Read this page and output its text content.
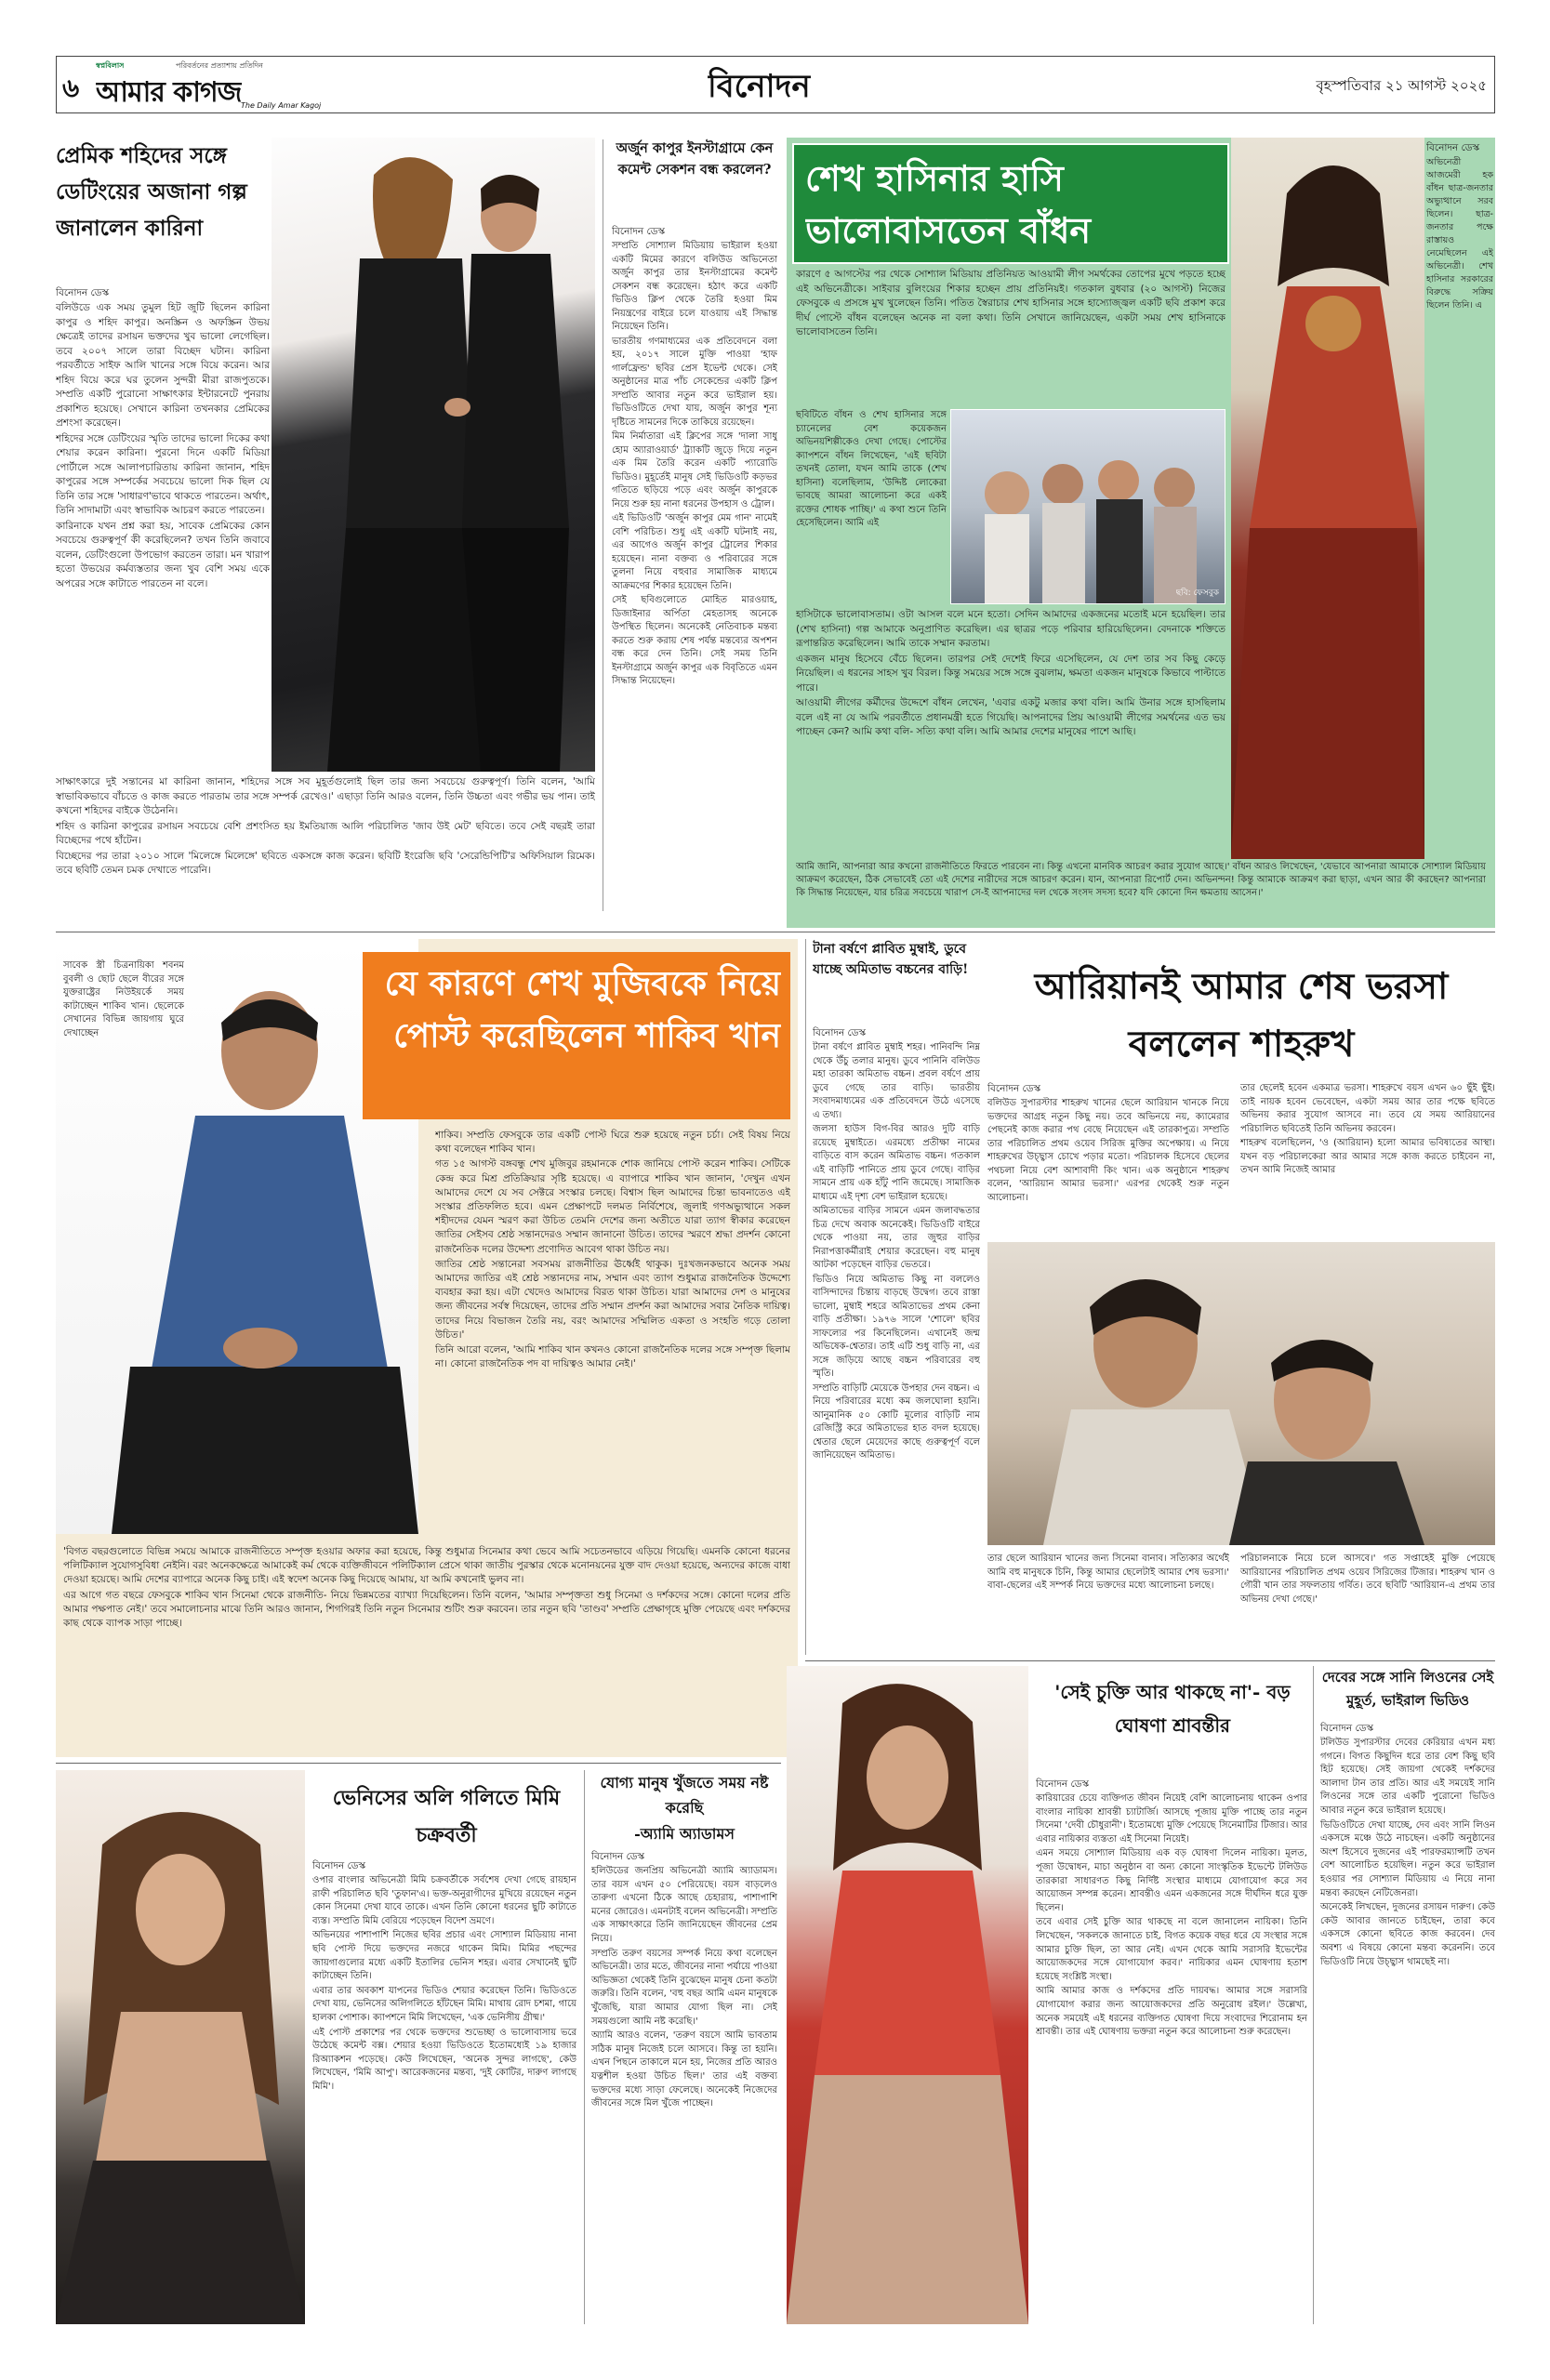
৬
স্বপ্নবিলাস	পরিবর্তনের প্রত্যাশায় প্রতিদিন
আমার কাগজ The Daily Amar Kagoj
বিনোদন	বৃহস্পতিবার ২১ আগস্ট ২০২৫
প্রেমিক শহিদের সঙ্গে ডেটিংয়ের অজানা গল্প জানালেন কারিনা
বিনোদন ডেস্ক

বলিউডে এক সময় তুমুল হিট জুটি ছিলেন কারিনা কাপুর ও শহিদ কাপুর। অনস্ক্রিন ও অফস্ক্রিন উভয় ক্ষেত্রেই তাদের রসায়ন ভক্তদের খুব ভালো লেগেছিল। তবে ২০০৭ সালে তারা বিচ্ছেদ ঘটান। কারিনা পরবর্তীতে সাইফ আলি খানের সঙ্গে বিয়ে করেন। আর শহিদ বিয়ে করে ঘর তুলেন সুন্দরী মীরা রাজপুতকে। সম্প্রতি একটি পুরোনো সাক্ষাৎকার ইন্টারনেটে পুনরায় প্রকাশিত হয়েছে। সেখানে কারিনা তখনকার প্রেমিকের প্রশংসা করেছেন।

শহিদের সঙ্গে ডেটিংয়ের স্মৃতি তাদের ভালো দিকের কথা শেয়ার করেন কারিনা। পুরনো দিনে একটি মিডিয়া পোর্টালে সঙ্গে আলাপচারিতায় কারিনা জানান, শহিদ কাপুরের সঙ্গে সম্পর্কের সবচেয়ে ভালো দিক ছিল যে তিনি তার সঙ্গে 'সাধারণ'ভাবে থাকতে পারতেন। অর্থাৎ, তিনি সাদামাটা এবং স্বাভাবিক আচরণ করতে পারতেন।

কারিনাকে যখন প্রশ্ন করা হয়, সাবেক প্রেমিকের কোন সবচেয়ে গুরুত্বপূর্ণ কী করেছিলেন? তখন তিনি জবাবে বলেন, ডেটিংগুলো উপভোগ করতেন তারা। মন খারাপ হতো উভয়ের কর্মব্যস্ততার জন্য খুব বেশি সময় একে অপরের সঙ্গে কাটাতে পারতেন না বলে।

সাক্ষাৎকারে দুই সন্তানের মা কারিনা জানান, শহিদের সঙ্গে সব মুহূর্তগুলোই ছিল তার জন্য সবচেয়ে গুরুত্বপূর্ণ। তিনি বলেন, 'আমি স্বাভাবিকভাবে বাঁচতে ও কাজ করতে পারতাম তার সঙ্গে সম্পর্ক রেখেও।' এছাড়া তিনি আরও বলেন, তিনি উচ্চতা এবং গভীর ভয় পান। তাই কখনো শহিদের বাইকে উঠেননি।

শহিদ ও কারিনা কাপুরের রসায়ন সবচেয়ে বেশি প্রশংসিত হয় ইমতিয়াজ আলি পরিচালিত 'জাব উই মেট' ছবিতে। তবে সেই বছরই তারা বিচ্ছেদের পথে হাঁটেন।

বিচ্ছেদের পর তারা ২০১০ সালে 'মিলেঙ্গে মিলেঙ্গে' ছবিতে একসঙ্গে কাজ করেন। ছবিটি ইংরেজি ছবি 'সেরেন্ডিপিটি'র অফিসিয়াল রিমেক। তবে ছবিটি তেমন চমক দেখাতে পারেনি।

অর্জুন কাপুর ইনস্টাগ্রামে কেন কমেন্ট সেকশন বন্ধ করলেন?
বিনোদন ডেস্ক

সম্প্রতি সোশ্যাল মিডিয়ায় ভাইরাল হওয়া একটি মিমের কারণে বলিউড অভিনেতা অর্জুন কাপুর তার ইনস্টাগ্রামের কমেন্ট সেকশন বন্ধ করেছেন। হঠাৎ করে একটি ভিডিও ক্লিপ থেকে তৈরি হওয়া মিম নিয়ন্ত্রণের বাইরে চলে যাওয়ায় এই সিদ্ধান্ত নিয়েছেন তিনি।

ভারতীয় গণমাধ্যমের এক প্রতিবেদনে বলা হয়, ২০১৭ সালে মুক্তি পাওয়া 'হাফ গার্লফ্রেন্ড' ছবির প্রেস ইভেন্ট থেকে। সেই অনুষ্ঠানের মাত্র পাঁচ সেকেন্ডের একটি ক্লিপ সম্প্রতি আবার নতুন করে ভাইরাল হয়। ভিডিওটিতে দেখা যায়, অর্জুন কাপুর শূন্য দৃষ্টিতে সামনের দিকে তাকিয়ে রয়েছেন।

মিম নির্মাতারা এই ক্লিপের সঙ্গে 'দালা সাধু হোম অ্যারাওয়ার্ড' ট্র্যাকটি জুড়ে দিয়ে নতুন এক মিম তৈরি করেন একটি প্যারোডি ভিডিও। মুহূর্তেই মানুষ সেই ভিডিওটি কড়ভর গতিতে ছড়িয়ে পড়ে এবং অর্জুন কাপুরকে নিয়ে শুরু হয় নানা ধরনের উপহাস ও ট্রোল।

এই ভিডিওটি 'অর্জুন কাপুর মেম গান' নামেই বেশি পরিচিত। শুধু এই একটি ঘটনাই নয়, এর আগেও অর্জুন কাপুর ট্রোলের শিকার হয়েছেন। নানা বক্তব্য ও পরিবারের সঙ্গে তুলনা নিয়ে বহুবার সামাজিক মাধ্যমে আক্রমণের শিকার হয়েছেন তিনি।

সেই ছবিগুলোতে মোহিত মারওয়াহ, ডিজাইনার অর্পিতা মেহতাসহ অনেকে উপস্থিত ছিলেন। অনেকেই নেতিবাচক মন্তব্য করতে শুরু করায় শেষ পর্যন্ত মন্তব্যের অপশন বন্ধ করে দেন তিনি। সেই সময় তিনি ইনস্টাগ্রামে অর্জুন কাপুর এক বিবৃতিতে এমন সিদ্ধান্ত নিয়েছেন।

শেখ হাসিনার হাসি ভালোবাসতেন বাঁধন
বিনোদন ডেস্ক
অভিনেত্রী আজমেরী হক বাঁধন ছাত্র-জনতার অভ্যুত্থানে সরব ছিলেন। ছাত্র-জনতার পক্ষে রাস্তায়ও নেমেছিলেন এই অভিনেত্রী। শেখ হাসিনার সরকারের বিরুদ্ধে সক্রিয় ছিলেন তিনি। এ
কারণে ৫ আগস্টের পর থেকে সোশ্যাল মিডিয়ায় প্রতিনিয়ত আওয়ামী লীগ সমর্থকের তোপের মুখে পড়তে হচ্ছে এই অভিনেত্রীকে। সাইবার বুলিংয়ের শিকার হচ্ছেন প্রায় প্রতিনিয়ই। গতকাল বুধবার (২০ আগস্ট) নিজের ফেসবুকে এ প্রসঙ্গে মুখ খুলেছেন তিনি। পতিত স্বৈরাচার শেখ হাসিনার সঙ্গে হাস্যোজ্জ্বল একটি ছবি প্রকাশ করে দীর্ঘ পোস্টে বাঁধন বলেছেন অনেক না বলা কথা। তিনি সেখানে জানিয়েছেন, একটা সময় শেখ হাসিনাকে ভালোবাসতেন তিনি।

ছবিটিতে বাঁধন ও শেখ হাসিনার সঙ্গে চ্যানেলের বেশ কয়েকজন অভিনয়শিল্পীকেও দেখা গেছে। পোস্টের ক্যাপশনে বাঁধন লিখেছেন, 'এই ছবিটা তখনই তোলা, যখন আমি তাকে (শেখ হাসিনা) বলেছিলাম, 'উদ্দিষ্ট লোকেরা ভাবছে আমরা আলোচনা করে একই রক্তের শোধক পাচ্ছি।' এ কথা শুনে তিনি হেসেছিলেন। আমি এই

ছবি: ফেসবুক

হাসিটাকে ভালোবাসতাম। ওটা আসল বলে মনে হতো। সেদিন আমাদের একজনের মতোই মনে হয়েছিল। তার (শেখ হাসিনা) গল্প আমাকে অনুপ্রাণিত করেছিল। এর ছাত্রর পড়ে পরিবার হারিয়েছিলেন। বেদনাকে শক্তিতে রূপান্তরিত করেছিলেন। আমি তাকে সম্মান করতাম।

একজন মানুষ হিসেবে বেঁচে ছিলেন। তারপর সেই দেশেই ফিরে এসেছিলেন, যে দেশ তার সব কিছু কেড়ে নিয়েছিল। এ ধরনের সাহস খুব বিরল। কিন্তু সময়ের সঙ্গে সঙ্গে বুঝলাম, ক্ষমতা একজন মানুষকে কিভাবে পাল্টাতে পারে।

আওয়ামী লীগের কর্মীদের উদ্দেশে বাঁধন লেখেন, 'এবার একটু মজার কথা বলি। আমি উনার সঙ্গে হাসছিলাম বলে এই না যে আমি পরবর্তীতে প্রধানমন্ত্রী হতে গিয়েছি। আপনাদের প্রিয় আওয়ামী লীগের সমর্থনের এত ভয় পাচ্ছেন কেন? আমি কথা বলি- সত্যি কথা বলি। আমি আমার দেশের মানুষের পাশে আছি।

আমি জানি, আপনারা আর কখনো রাজনীতিতে ফিরতে পারবেন না। কিন্তু এখনো মানবিক আচরণ করার সুযোগ আছে।' বাঁধন আরও লিখেছেন, 'যেভাবে আপনারা আমাকে সোশ্যাল মিডিয়ায় আক্রমণ করেছেন, ঠিক সেভাবেই তো এই দেশের নারীদের সঙ্গে আচরণ করেন। যান, আপনারা রিপোর্ট দেন। অভিনন্দন! কিন্তু আমাকে আক্রমণ করা ছাড়া, এখন আর কী করছেন? আপনারা কি সিদ্ধান্ত নিয়েছেন, যার চরিত্র সবচেয়ে খারাপ সে-ই আপনাদের দল থেকে সংসদ সদস্য হবে? যদি কোনো দিন ক্ষমতায় আসেন।'
সাবেক স্ত্রী চিত্রনায়িকা শবনম বুবলী ও ছোট ছেলে বীরের সঙ্গে যুক্তরাষ্ট্রের নিউইয়র্কে সময় কাটাচ্ছেন শাকিব খান। ছেলেকে সেখানের বিভিন্ন জায়গায় ঘুরে দেখাচ্ছেন
যে কারণে শেখ মুজিবকে নিয়ে পোস্ট করেছিলেন শাকিব খান

শাকিব। সম্প্রতি ফেসবুকে তার একটি পোস্ট ঘিরে শুরু হয়েছে নতুন চর্চা। সেই বিষয় নিয়ে কথা বলেছেন শাকিব খান।

গত ১৫ আগস্ট বঙ্গবন্ধু শেখ মুজিবুর রহমানকে শোক জানিয়ে পোস্ট করেন শাকিব। সেটিকে কেন্দ্র করে মিশ্র প্রতিক্রিয়ার সৃষ্টি হয়েছে। এ ব্যাপারে শাকিব খান জানান, 'দেখুন এখন আমাদের দেশে যে সব সেক্টরে সংস্কার চলছে। বিশ্বাস ছিল আমাদের চিন্তা ভাবনাতেও এই সংস্কার প্রতিফলিত হবে। এমন প্রেক্ষাপটে দলমত নির্বিশেষে, জুলাই গণঅভ্যুত্থানে সকল শহীদদের যেমন স্মরণ করা উচিত তেমনি দেশের জন্য অতীতে যারা ত্যাগ স্বীকার করেছেন জাতির সেইসব শ্রেষ্ঠ সন্তানদেরও সম্মান জানানো উচিত। তাদের স্মরণে শ্রদ্ধা প্রদর্শন কোনো রাজনৈতিক দলের উদ্দেশ্য প্রণোদিত আবেগ থাকা উচিত নয়।

জাতির শ্রেষ্ঠ সন্তানেরা সবসময় রাজনীতির ঊর্ধ্বেই থাকুক। দুঃখজনকভাবে অনেক সময় আমাদের জাতির এই শ্রেষ্ঠ সন্তানদের নাম, সম্মান এবং ত্যাগ শুধুমাত্র রাজনৈতিক উদ্দেশ্যে ব্যবহার করা হয়। এটা খেদেও আমাদের বিরত থাকা উচিত। যারা আমাদের দেশ ও মানুষের জন্য জীবনের সর্বস্ব দিয়েছেন, তাদের প্রতি সম্মান প্রদর্শন করা আমাদের সবার নৈতিক দায়িত্ব। তাদের নিয়ে বিভাজন তৈরি নয়, বরং আমাদের সম্মিলিত একতা ও সংহতি গড়ে তোলা উচিত।'

তিনি আরো বলেন, 'আমি শাকিব খান কখনও কোনো রাজনৈতিক দলের সঙ্গে সম্পৃক্ত ছিলাম না। কোনো রাজনৈতিক পদ বা দায়িত্বও আমার নেই।'

'বিগত বছরগুলোতে বিভিন্ন সময়ে আমাকে রাজনীতিতে সম্পৃক্ত হওয়ার অফার করা হয়েছে, কিন্তু শুধুমাত্র সিনেমার কথা ভেবে আমি সচেতনভাবে এড়িয়ে গিয়েছি। এমনকি কোনো ধরনের পলিটিক্যাল সুযোগসুবিধা নেইনি। বরং অনেকক্ষেত্রে আমাকেই কর্ম থেকে ব্যক্তিজীবনে পলিটিক্যাল প্রেসে থাকা জাতীয় পুরস্কার থেকে মনোনয়নের যুক্ত বাদ দেওয়া হয়েছে, অন্যদের কাজে বাধা দেওয়া হয়েছে। আমি দেশের ব্যাপারে অনেক কিছু চাই। এই স্বদেশ অনেক কিছু দিয়েছে আমায়, যা আমি কখনোই ভুলব না।

এর আগে গত বছরে ফেসবুকে শাকিব খান সিনেমা থেকে রাজনীতি- নিয়ে ভিন্নমতের ব্যাখ্যা দিয়েছিলেন। তিনি বলেন, 'আমার সম্পৃক্ততা শুধু সিনেমা ও দর্শকদের সঙ্গে। কোনো দলের প্রতি আমার পক্ষপাত নেই।' তবে সমালোচনার মাঝে তিনি আরও জানান, শিগগিরই তিনি নতুন সিনেমার শুটিং শুরু করবেন। তার নতুন ছবি 'তাণ্ডব' সম্প্রতি প্রেক্ষাগৃহে মুক্তি পেয়েছে এবং দর্শকদের কাছ থেকে ব্যাপক সাড়া পাচ্ছে।

টানা বর্ষণে প্লাবিত মুম্বাই, ডুবে যাচ্ছে অমিতাভ বচ্চনের বাড়ি!
বিনোদন ডেস্ক

টানা বর্ষণে প্লাবিত মুম্বাই শহর। পানিবন্দি নিম্ন থেকে উঁচু তলার মানুষ। ডুবে পানিনি বলিউড মহা তারকা অমিতাভ বচ্চন। প্রবল বর্ষণে প্রায় ডুবে গেছে তার বাড়ি। ভারতীয় সংবাদমাধ্যমের এক প্রতিবেদনে উঠে এসেছে এ তথ্য।

জলসা হাউস বিগ-বির আরও দুটি বাড়ি রয়েছে মুম্বাইতে। এরমধ্যে প্রতীক্ষা নামের বাড়িতে বাস করেন অমিতাভ বচ্চন। গতকাল এই বাড়িটি পানিতে প্রায় ডুবে গেছে। বাড়ির সামনে প্রায় এক হাঁটু পানি জমেছে। সামাজিক মাধ্যমে এই দৃশ্য বেশ ভাইরাল হয়েছে।

অমিতাভের বাড়ির সামনে এমন জলাবদ্ধতার চিত্র দেখে অবাক অনেকেই। ভিডিওটি বাইরে থেকে পাওয়া নয়, তার জুহুর বাড়ির নিরাপত্তাকর্মীরাই শেয়ার করেছেন। বহু মানুষ আটকা পড়েছেন বাড়ির ভেতরে।

ভিডিও নিয়ে অমিতাভ কিছু না বললেও বাসিন্দাদের চিন্তায় বাড়ছে উদ্বেগ। তবে রাস্তা ভালো, মুম্বাই শহরে অমিতাভের প্রথম কেনা বাড়ি প্রতীক্ষা। ১৯৭৬ সালে 'শোলে' ছবির সাফল্যের পর কিনেছিলেন। এখানেই জন্ম অভিষেক-শ্বেতার। তাই এটি শুধু বাড়ি না, এর সঙ্গে জড়িয়ে আছে বচ্চন পরিবারের বহু স্মৃতি।

সম্প্রতি বাড়িটি মেয়েকে উপহার দেন বচ্চন। এ নিয়ে পরিবারের মধ্যে কম জলঘোলা হয়নি। আনুমানিক ৫০ কোটি মূল্যের বাড়িটি নাম রেজিস্ট্রি করে অমিতাভের হাত বদল হয়েছে। শ্বেতার ছেলে মেয়েদের কাছে গুরুত্বপূর্ণ বলে জানিয়েছেন অমিতাভ।

আরিয়ানই আমার শেষ ভরসা বললেন শাহরুখ
বিনোদন ডেস্ক
বলিউড সুপারস্টার শাহরুখ খানের ছেলে আরিয়ান খানকে নিয়ে ভক্তদের আগ্রহ নতুন কিছু নয়। তবে অভিনয়ে নয়, ক্যামেরার পেছনেই কাজ করার পথ বেছে নিয়েছেন এই তারকাপুত্র। সম্প্রতি তার পরিচালিত প্রথম ওয়েব সিরিজ মুক্তির অপেক্ষায়। এ নিয়ে শাহরুখের উচ্ছ্বাস চোখে পড়ার মতো। পরিচালক হিসেবে ছেলের পথচলা নিয়ে বেশ আশাবাদী কিং খান। এক অনুষ্ঠানে শাহরুখ বলেন, 'আরিয়ান আমার ভরসা।' এরপর থেকেই শুরু নতুন আলোচনা।

তার ছেলেই হবেন একমাত্র ভরসা। শাহরুখে বয়স এখন ৬০ ছুঁই ছুঁই। তাই নায়ক হবেন ভেবেছেন, একটা সময় আর তার পক্ষে ছবিতে অভিনয় করার সুযোগ আসবে না। তবে যে সময় আরিয়ানের পরিচালিত ছবিতেই তিনি অভিনয় করবেন।

শাহরুখ বলেছিলেন, 'ও (আরিয়ান) হলো আমার ভবিষ্যতের আস্থা। যখন বড় পরিচালকেরা আর আমার সঙ্গে কাজ করতে চাইবেন না, তখন আমি নিজেই আমার

তার ছেলে আরিয়ান খানের জন্য সিনেমা বানাব। সত্যিকার অর্থেই আমি বহু মানুষকে চিনি, কিন্তু আমার ছেলেটাই আমার শেষ ভরসা।' বাবা-ছেলের এই সম্পর্ক নিয়ে ভক্তদের মধ্যে আলোচনা চলছে।
পরিচালনাকে নিয়ে চলে আসবে।' গত সপ্তাহেই মুক্তি পেয়েছে আরিয়ানের পরিচালিত প্রথম ওয়েব সিরিজের টিজার। শাহরুখ খান ও গৌরী খান তার সফলতায় গর্বিত। তবে ছবিটি 'আরিয়ান-এ প্রথম তার অভিনয় দেখা গেছে।'
'সেই চুক্তি আর থাকছে না'- বড় ঘোষণা শ্রাবন্তীর
বিনোদন ডেস্ক

কারিয়ারের চেয়ে ব্যক্তিগত জীবন নিয়েই বেশি আলোচনায় থাকেন ওপার বাংলার নায়িকা শ্রাবন্তী চ্যাটার্জি। আসছে পূজায় মুক্তি পাচ্ছে তার নতুন সিনেমা 'দেবী চৌধুরানী'। ইতোমধ্যে মুক্তি পেয়েছে সিনেমাটির টিজার। আর এবার নায়িকার ব্যস্ততা এই সিনেমা নিয়েই।

এমন সময়ে সোশ্যাল মিডিয়ায় এক বড় ঘোষণা দিলেন নায়িকা। মূলত, পূজা উদ্বোধন, মাচা অনুষ্ঠান বা অন্য কোনো সাংস্কৃতিক ইভেন্টে টলিউড তারকারা সাধারণত কিছু নির্দিষ্ট সংস্থার মাধ্যমে যোগাযোগ করে সব আয়োজন সম্পন্ন করেন। শ্রাবন্তীও এমন একজনের সঙ্গে দীর্ঘদিন ধরে যুক্ত ছিলেন।

তবে এবার সেই চুক্তি আর থাকছে না বলে জানালেন নায়িকা। তিনি লিখেছেন, 'সকলকে জানাতে চাই, বিগত কয়েক বছর ধরে যে সংস্থার সঙ্গে আমার চুক্তি ছিল, তা আর নেই। এখন থেকে আমি সরাসরি ইভেন্টের আয়োজকদের সঙ্গে যোগাযোগ করব।' নায়িকার এমন ঘোষণায় হতাশ হয়েছে সংশ্লিষ্ট সংস্থা।

আমি আমার কাজ ও দর্শকদের প্রতি দায়বদ্ধ। আমার সঙ্গে সরাসরি যোগাযোগ করার জন্য আয়োজকদের প্রতি অনুরোধ রইল।' উল্লেখ্য, অনেক সময়েই এই ধরনের ব্যক্তিগত ঘোষণা দিয়ে সংবাদের শিরোনাম হন শ্রাবন্তী। তার এই ঘোষণায় ভক্তরা নতুন করে আলোচনা শুরু করেছেন।

দেবের সঙ্গে সানি লিওনের সেই মুহূর্ত, ভাইরাল ভিডিও
বিনোদন ডেস্ক

টলিউড সুপারস্টার দেবের কেরিয়ার এখন মধ্য গগনে। বিগত কিছুদিন ধরে তার বেশ কিছু ছবি হিট হয়েছে। সেই জায়গা থেকেই দর্শকদের আলাদা টান তার প্রতি। আর এই সময়েই সানি লিওনের সঙ্গে তার একটি পুরোনো ভিডিও আবার নতুন করে ভাইরাল হয়েছে।

ভিডিওটিতে দেখা যাচ্ছে, দেব এবং সানি লিওন একসঙ্গে মঞ্চে উঠে নাচছেন। একটি অনুষ্ঠানের অংশ হিসেবে দুজনের এই পারফরম্যান্সটি তখন বেশ আলোচিত হয়েছিল। নতুন করে ভাইরাল হওয়ার পর সোশ্যাল মিডিয়ায় এ নিয়ে নানা মন্তব্য করছেন নেটিজেনরা।

অনেকেই লিখছেন, দুজনের রসায়ন দারুণ। কেউ কেউ আবার জানতে চাইছেন, তারা কবে একসঙ্গে কোনো ছবিতে কাজ করবেন। দেব অবশ্য এ বিষয়ে কোনো মন্তব্য করেননি। তবে ভিডিওটি নিয়ে উচ্ছ্বাস থামছেই না।

ভেনিসের অলি গলিতে মিমি চক্রবর্তী
বিনোদন ডেস্ক

ওপার বাংলার অভিনেত্রী মিমি চক্রবর্তীকে সর্বশেষ দেখা গেছে রায়হান রাফী পরিচালিত ছবি 'তুফান'এ। ভক্ত-অনুরাগীদের মুখিয়ে রয়েছেন নতুন কোন সিনেমা দেখা যাবে তাকে। এখন তিনি কোনো ধরনের ছুটি কাটাতে ব্যস্ত। সম্প্রতি মিমি বেরিয়ে পড়েছেন বিদেশ ভ্রমণে।

অভিনয়ের পাশাপাশি নিজের ছবির প্রচার এবং সোশ্যাল মিডিয়ায় নানা ছবি পোস্ট দিয়ে ভক্তদের নজরে থাকেন মিমি। মিমির পছন্দের জায়গাগুলোর মধ্যে একটি ইতালির ভেনিস শহর। এবার সেখানেই ছুটি কাটাচ্ছেন তিনি।

এবার তার অবকাশ যাপনের ভিডিও শেয়ার করেছেন তিনি। ভিডিওতে দেখা যায়, ভেনিসের অলিগলিতে হাঁটছেন মিমি। মাথায় রোদ চশমা, গায়ে হালকা পোশাক। ক্যাপশনে মিমি লিখেছেন, 'এক ভেনিসীয় গ্রীষ্ম।'

এই পোস্ট প্রকাশের পর থেকে ভক্তদের শুভেচ্ছা ও ভালোবাসায় ভরে উঠেছে কমেন্ট বক্স। শেয়ার হওয়া ভিডিওতে ইতোমধ্যেই ১৯ হাজার রিঅ্যাকশন পড়েছে। কেউ লিখেছেন, 'অনেক সুন্দর লাগছে', কেউ লিখেছেন, 'মিমি আপু'। আরেকজনের মন্তব্য, 'দুই কোটির, দারুণ লাগছে মিমি'।

যোগ্য মানুষ খুঁজতে সময় নষ্ট করেছি
-অ্যামি অ্যাডামস
বিনোদন ডেস্ক

হলিউডের জনপ্রিয় অভিনেত্রী অ্যামি অ্যাডামস। তার বয়স এখন ৫০ পেরিয়েছে। বয়স বাড়লেও তারুণ্য এখনো ঠিকে আছে চেহারায়, পাশাপাশি মনের জোরেও। এমনটাই বলেন অভিনেত্রী। সম্প্রতি এক সাক্ষাৎকারে তিনি জানিয়েছেন জীবনের প্রেম নিয়ে।

সম্প্রতি তরুণ বয়সের সম্পর্ক নিয়ে কথা বলেছেন অভিনেত্রী। তার মতে, জীবনের নানা পর্যায়ে পাওয়া অভিজ্ঞতা থেকেই তিনি বুঝেছেন মানুষ চেনা কতটা জরুরি। তিনি বলেন, 'বহু বছর আমি এমন মানুষকে খুঁজেছি, যারা আমার যোগ্য ছিল না। সেই সময়গুলো আমি নষ্ট করেছি।'

অ্যামি আরও বলেন, 'তরুণ বয়সে আমি ভাবতাম সঠিক মানুষ নিজেই চলে আসবে। কিন্তু তা হয়নি। এখন পিছনে তাকালে মনে হয়, নিজের প্রতি আরও যত্নশীল হওয়া উচিত ছিল।' তার এই বক্তব্য ভক্তদের মধ্যে সাড়া ফেলেছে। অনেকেই নিজেদের জীবনের সঙ্গে মিল খুঁজে পাচ্ছেন।
